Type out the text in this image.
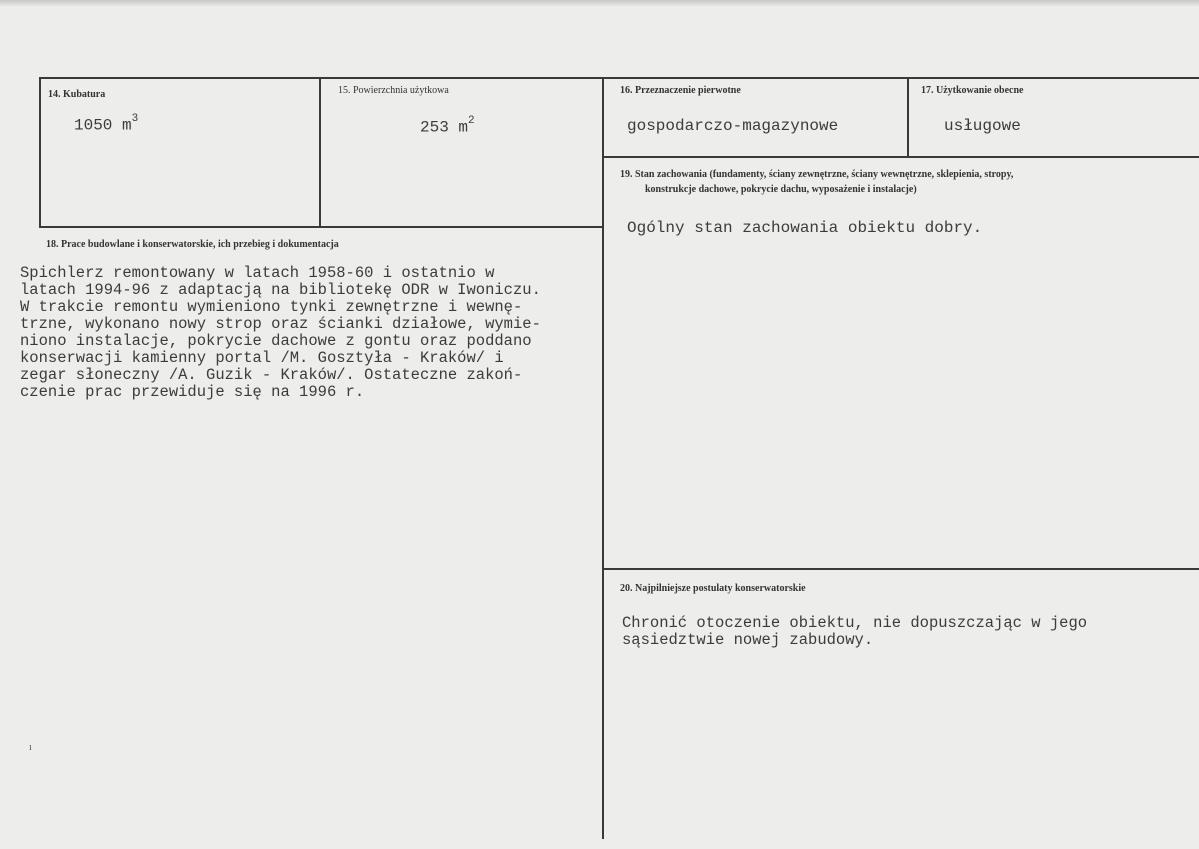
14. Kubatura
1050 $m^3$
15. Powierzchnia użytkowa
253 $m^2$
16. Przeznaczenie pierwotne
gospodarczo-magazynowe
17. Użytkowanie obecne
usługowe
19. Stan zachowania (fundamenty, ściany zewnętrzne, ściany wewnętrzne, sklepienia, stropy,
konstrukcje dachowe, pokrycie dachu, wyposażenie i instalacje)
Ogólny stan zachowania obiektu dobry.
18. Prace budowlane i konserwatorskie, ich przebieg i dokumentacja
Spichlerz remontowany w latach 1958-60 i ostatnio w
latach 1994-96 z adaptacją na bibliotekę ODR w Iwoniczu.
W trakcie remontu wymieniono tynki zewnętrzne i wewnę-
trzne, wykonano nowy strop oraz ścianki działowe, wymie-
niono instalacje, pokrycie dachowe z gontu oraz poddano
konserwacji kamienny portal /M. Gosztyła - Kraków/ i
zegar słoneczny /A. Guzik - Kraków/. Ostateczne zakoń-
czenie prac przewiduje się na 1996 r.
20. Najpilniejsze postulaty konserwatorskie
Chronić otoczenie obiektu, nie dopuszczając w jego
sąsiedztwie nowej zabudowy.
ı
